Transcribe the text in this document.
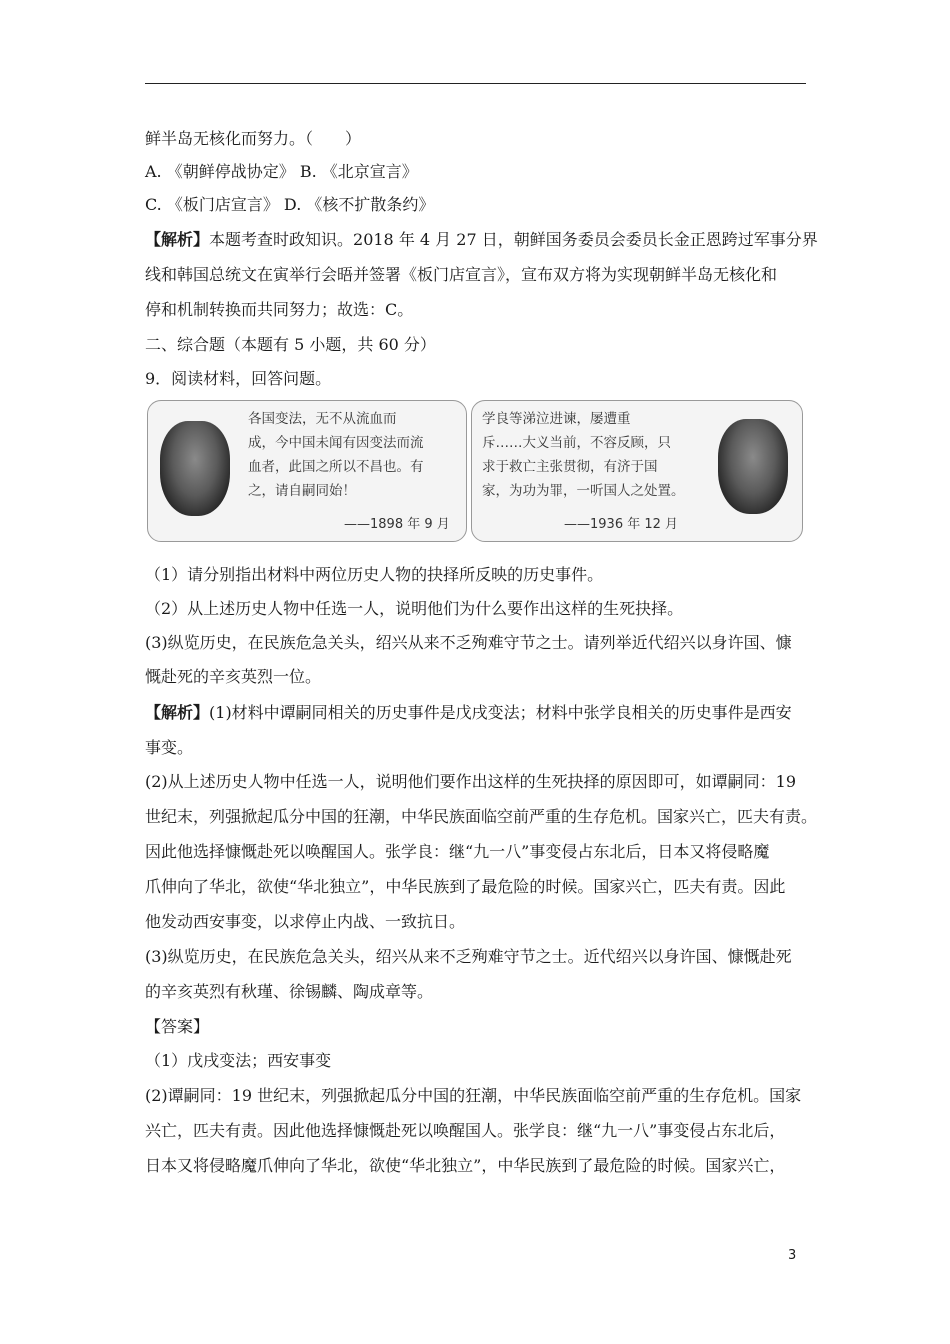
鲜半岛无核化而努力。（　　）
A. 《朝鲜停战协定》 B. 《北京宣言》
C. 《板门店宣言》 D. 《核不扩散条约》
【解析】本题考查时政知识。2018 年 4 月 27 日，朝鲜国务委员会委员长金正恩跨过军事分界
线和韩国总统文在寅举行会晤并签署《板门店宣言》，宣布双方将为实现朝鲜半岛无核化和
停和机制转换而共同努力；故选：C。
二、综合题（本题有 5 小题，共 60 分）
9．阅读材料，回答问题。
各国变法，无不从流血而
成，今中国未闻有因变法而流
血者，此国之所以不昌也。有
之，请自嗣同始！
——1898 年 9 月
学良等涕泣进谏，屡遭重
斥……大义当前，不容反顾，只
求于救亡主张贯彻，有济于国
家，为功为罪，一听国人之处置。
——1936 年 12 月
（1）请分别指出材料中两位历史人物的抉择所反映的历史事件。
（2）从上述历史人物中任选一人，说明他们为什么要作出这样的生死抉择。
(3)纵览历史，在民族危急关头，绍兴从来不乏殉难守节之士。请列举近代绍兴以身许国、慷
慨赴死的辛亥英烈一位。
【解析】(1)材料中谭嗣同相关的历史事件是戊戌变法；材料中张学良相关的历史事件是西安
事变。
(2)从上述历史人物中任选一人，说明他们要作出这样的生死抉择的原因即可，如谭嗣同：19
世纪末，列强掀起瓜分中国的狂潮，中华民族面临空前严重的生存危机。国家兴亡，匹夫有责。
因此他选择慷慨赴死以唤醒国人。张学良：继“九一八”事变侵占东北后，日本又将侵略魔
爪伸向了华北，欲使“华北独立”，中华民族到了最危险的时候。国家兴亡，匹夫有责。因此
他发动西安事变，以求停止内战、一致抗日。
(3)纵览历史，在民族危急关头，绍兴从来不乏殉难守节之士。近代绍兴以身许国、慷慨赴死
的辛亥英烈有秋瑾、徐锡麟、陶成章等。
【答案】
（1）戊戌变法；西安事变
(2)谭嗣同：19 世纪末，列强掀起瓜分中国的狂潮，中华民族面临空前严重的生存危机。国家
兴亡，匹夫有责。因此他选择慷慨赴死以唤醒国人。张学良：继“九一八”事变侵占东北后，
日本又将侵略魔爪伸向了华北，欲使“华北独立”，中华民族到了最危险的时候。国家兴亡，
3
